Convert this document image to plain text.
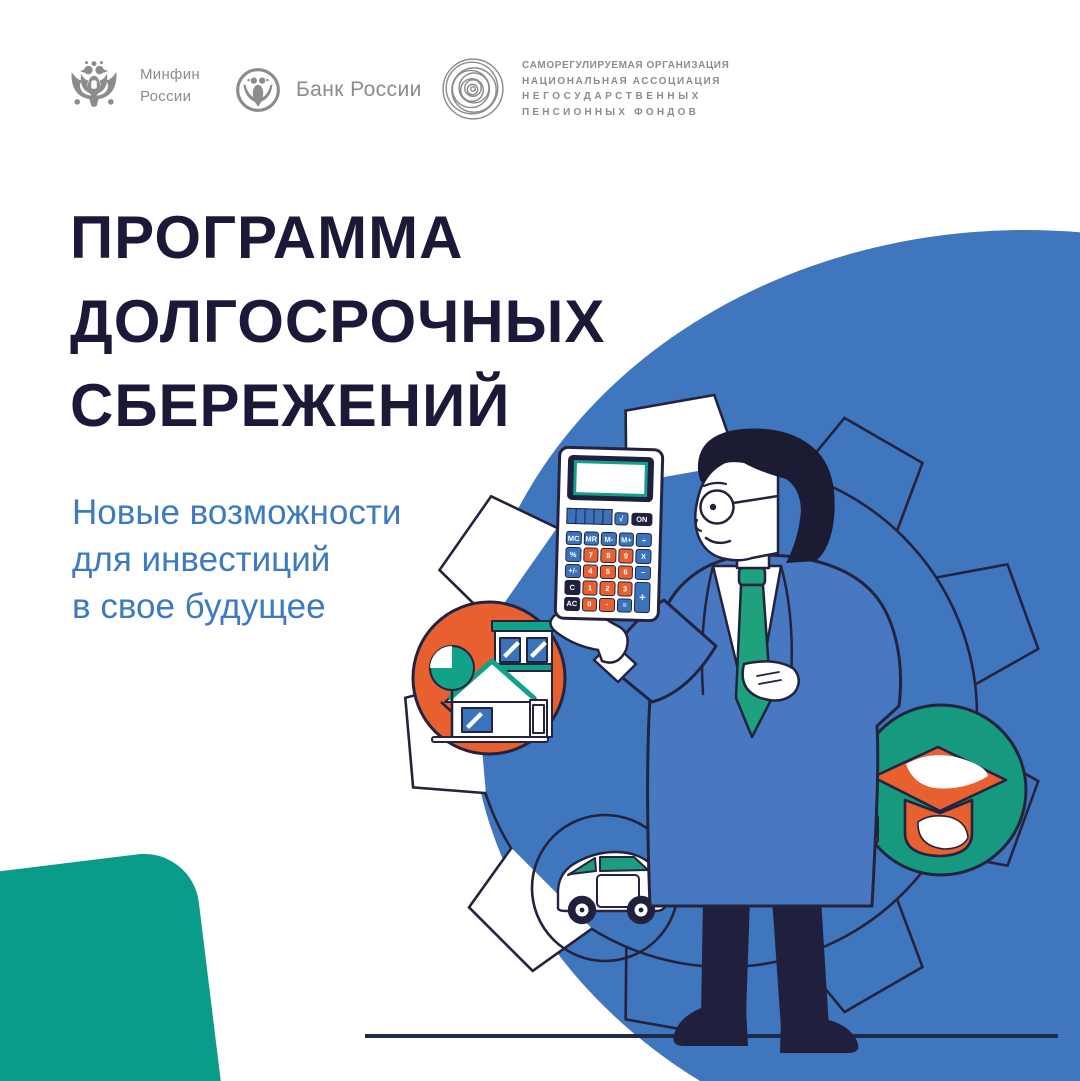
Минфин
России	Банк России
САМОРЕГУЛИРУЕМАЯ ОРГАНИЗАЦИЯ
НАЦИОНАЛЬНАЯ АССОЦИАЦИЯ
НЕГОСУДАРСТВЕННЫХ
ПЕНСИОННЫХ ФОНДОВ
ПРОГРАММА
ДОЛГОСРОЧНЫХ
СБЕРЕЖЕНИЙ
Новые возможности
для инвестиций
в свое будущее
√	ON
MC MR M-	M+	÷
%	7	8	9	X
+/-	4	5	6	−
C	1	2	3
+
AC	0	·	=
